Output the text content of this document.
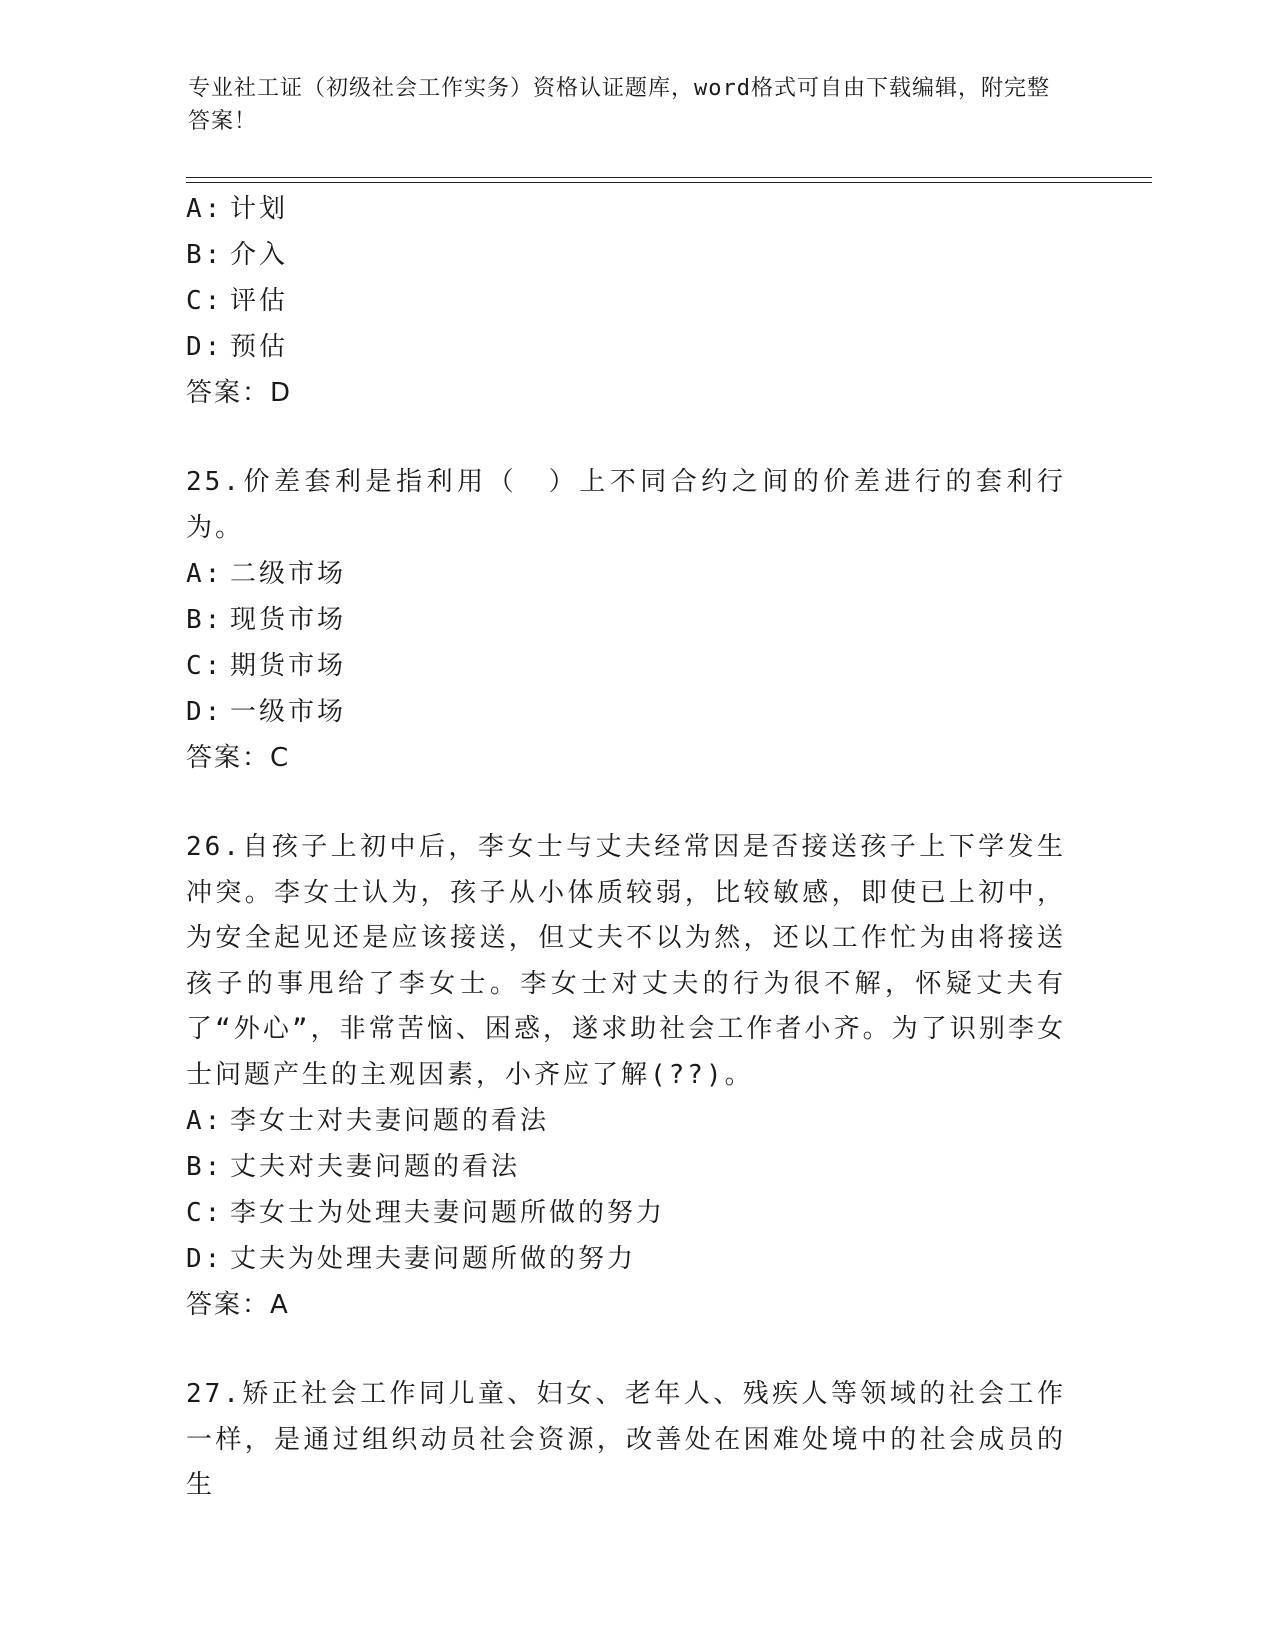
专业社工证（初级社会工作实务）资格认证题库，word格式可自由下载编辑，附完整答案！
A: 计划
B: 介入
C: 评估
D: 预估
答案：D
25.价差套利是指利用（　）上不同合约之间的价差进行的套利行为。
A: 二级市场
B: 现货市场
C: 期货市场
D: 一级市场
答案：C
26.自孩子上初中后，李女士与丈夫经常因是否接送孩子上下学发生冲突。李女士认为，孩子从小体质较弱，比较敏感，即使已上初中，为安全起见还是应该接送，但丈夫不以为然，还以工作忙为由将接送孩子的事甩给了李女士。李女士对丈夫的行为很不解，怀疑丈夫有了“外心”，非常苦恼、困惑，遂求助社会工作者小齐。为了识别李女士问题产生的主观因素，小齐应了解(??)。
A: 李女士对夫妻问题的看法
B: 丈夫对夫妻问题的看法
C: 李女士为处理夫妻问题所做的努力
D: 丈夫为处理夫妻问题所做的努力
答案：A
27.矫正社会工作同儿童、妇女、老年人、残疾人等领域的社会工作一样，是通过组织动员社会资源，改善处在困难处境中的社会成员的生
